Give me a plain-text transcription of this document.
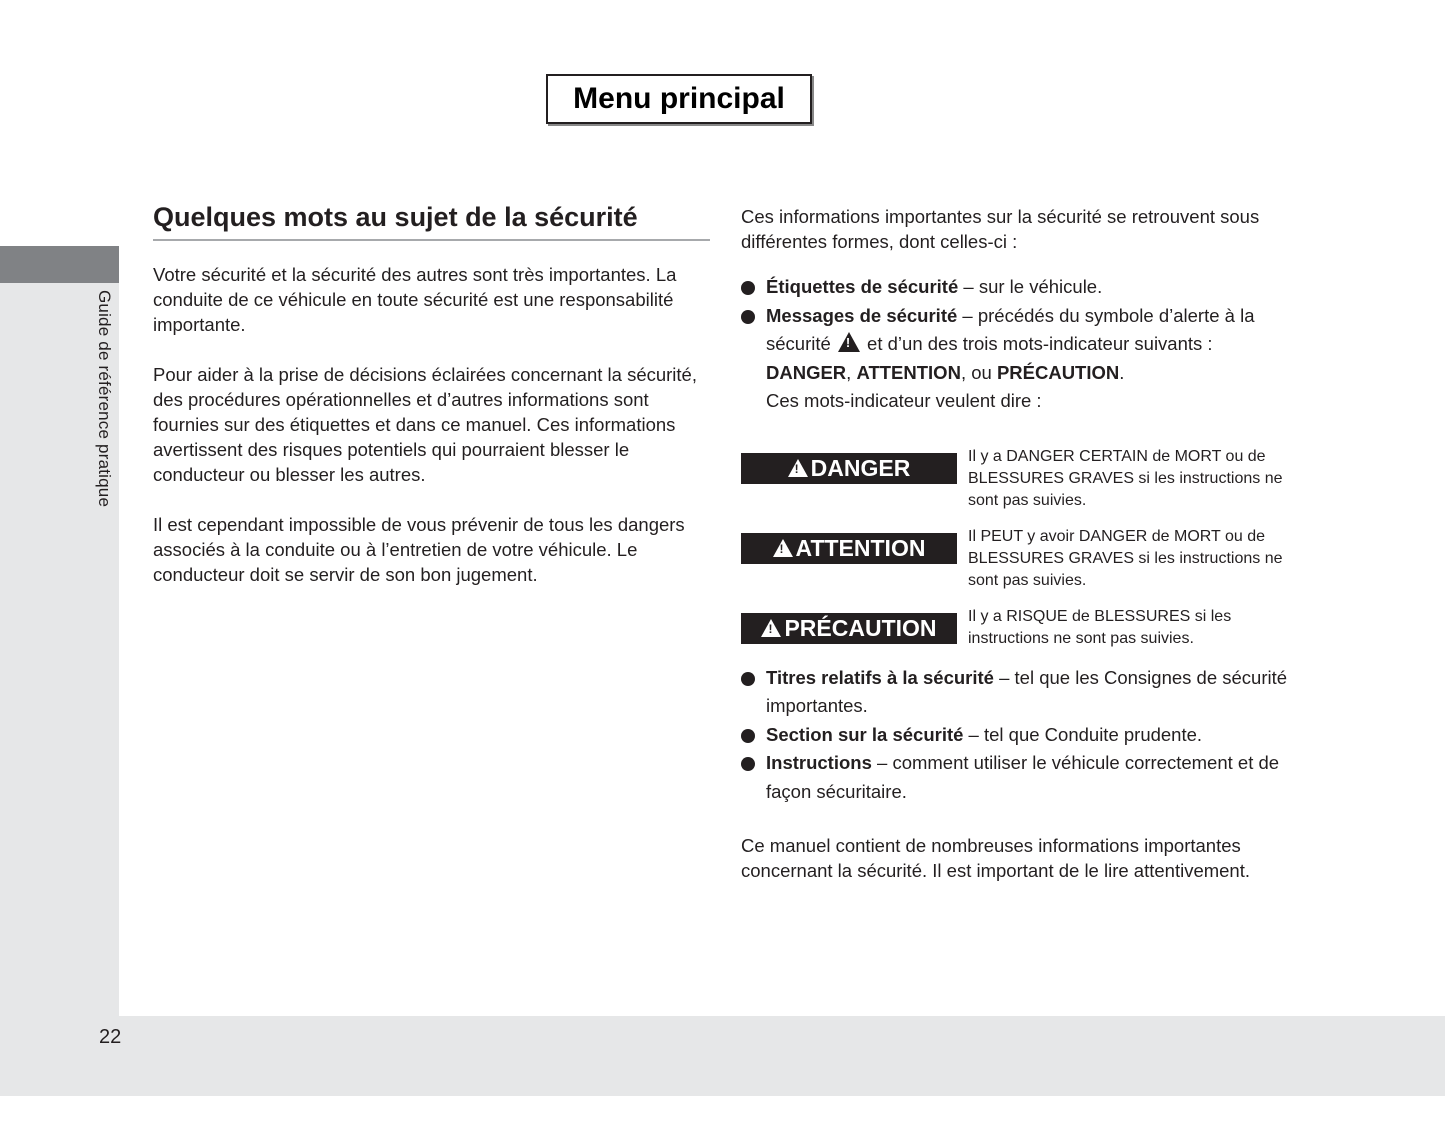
Guide de référence pratique
22
Menu principal
Quelques mots au sujet de la sécurité

Votre sécurité et la sécurité des autres sont très importantes. La conduite de ce véhicule en toute sécurité est une responsabilité importante.

Pour aider à la prise de décisions éclairées concernant la sécurité, des procédures opérationnelles et d’autres informations sont fournies sur des étiquettes et dans ce manuel. Ces informations avertissent des risques potentiels qui pourraient blesser le conducteur ou blesser les autres.

Il est cependant impossible de vous prévenir de tous les dangers associés à la conduite ou à l’entretien de votre véhicule. Le conducteur doit se servir de son bon jugement.

Ces informations importantes sur la sécurité se retrouvent sous différentes formes, dont celles-ci :

Étiquettes de sécurité – sur le véhicule.
Messages de sécurité – précédés du symbole d’alerte à la sécurité ! et d’un des trois mots-indicateur suivants :
DANGER, ATTENTION, ou PRÉCAUTION.
Ces mots-indicateur veulent dire :
!
DANGER	Il y a DANGER CERTAIN de MORT ou de BLESSURES GRAVES si les instructions ne sont pas suivies.
!
ATTENTION	Il PEUT y avoir DANGER de MORT ou de BLESSURES GRAVES si les instructions ne sont pas suivies.
!
PRÉCAUTION Il y a RISQUE de BLESSURES si les instructions ne sont pas suivies.
Titres relatifs à la sécurité – tel que les Consignes de sécurité importantes.
Section sur la sécurité – tel que Conduite prudente.
Instructions – comment utiliser le véhicule correctement et de façon sécuritaire.

Ce manuel contient de nombreuses informations importantes concernant la sécurité. Il est important de le lire attentivement.
